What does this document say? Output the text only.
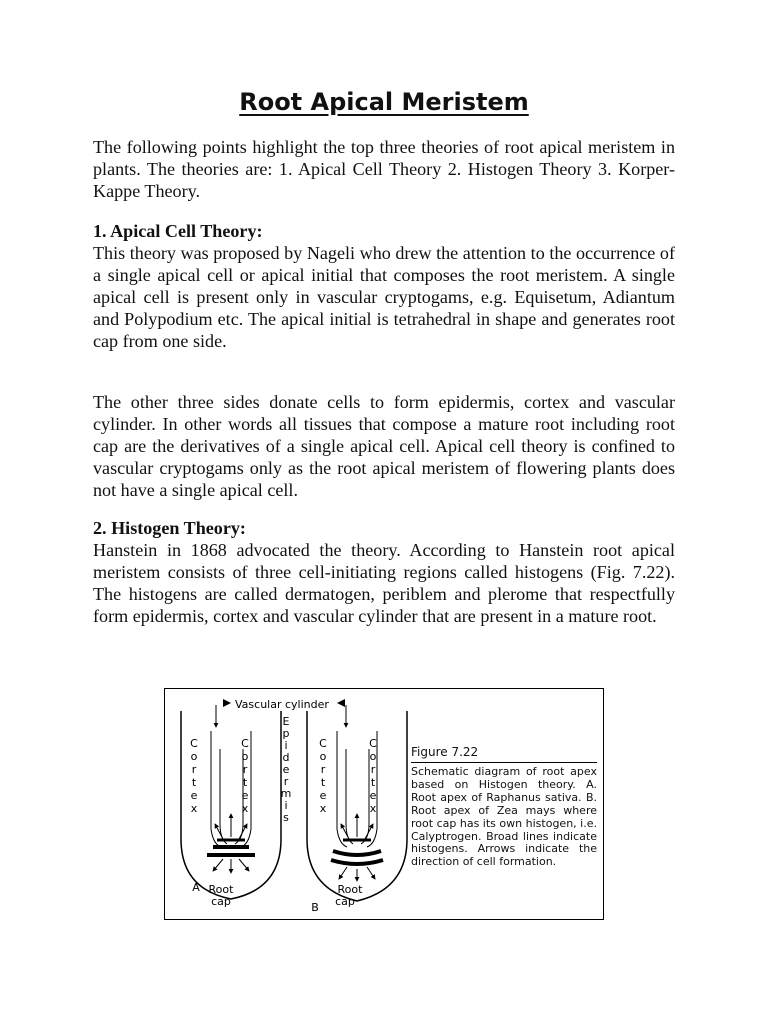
Root Apical Meristem

The following points highlight the top three theories of root apical meristem in plants. The theories are: 1. Apical Cell Theory 2. Histogen Theory 3. Korper-Kappe Theory.

1. Apical Cell Theory:
This theory was proposed by Nageli who drew the attention to the occurrence of a single apical cell or apical initial that composes the root meristem. A single apical cell is present only in vascular cryptogams, e.g. Equisetum, Adiantum and Polypodium etc. The apical initial is tetrahedral in shape and generates root cap from one side.

The other three sides donate cells to form epidermis, cortex and vascular cylinder. In other words all tissues that compose a mature root including root cap are the derivatives of a single apical cell. Apical cell theory is confined to vascular cryptogams only as the root apical meristem of flowering plants does not have a single apical cell.

2. Histogen Theory:
Hanstein in 1868 advocated the theory. According to Hanstein root apical meristem consists of three cell-initiating regions called histogens (Fig. 7.22). The histogens are called dermatogen, periblem and plerome that respectfully form epidermis, cortex and vascular cylinder that are present in a mature root.
Vascular cylinder
A Root
cap	B
Root
cap
C
o
r
t
e
x
C
o
r
t
e
x
C
o
r
t
e
x
C
o
r
t
e
x
E
p
i
d
e
r
m
i
s
Figure 7.22
Schematic diagram of root apex based on Histogen theory. A. Root apex of Raphanus sativa. B. Root apex of Zea mays where root cap has its own histogen, i.e. Calyptrogen. Broad lines indicate histogens. Arrows indicate the direction of cell formation.
